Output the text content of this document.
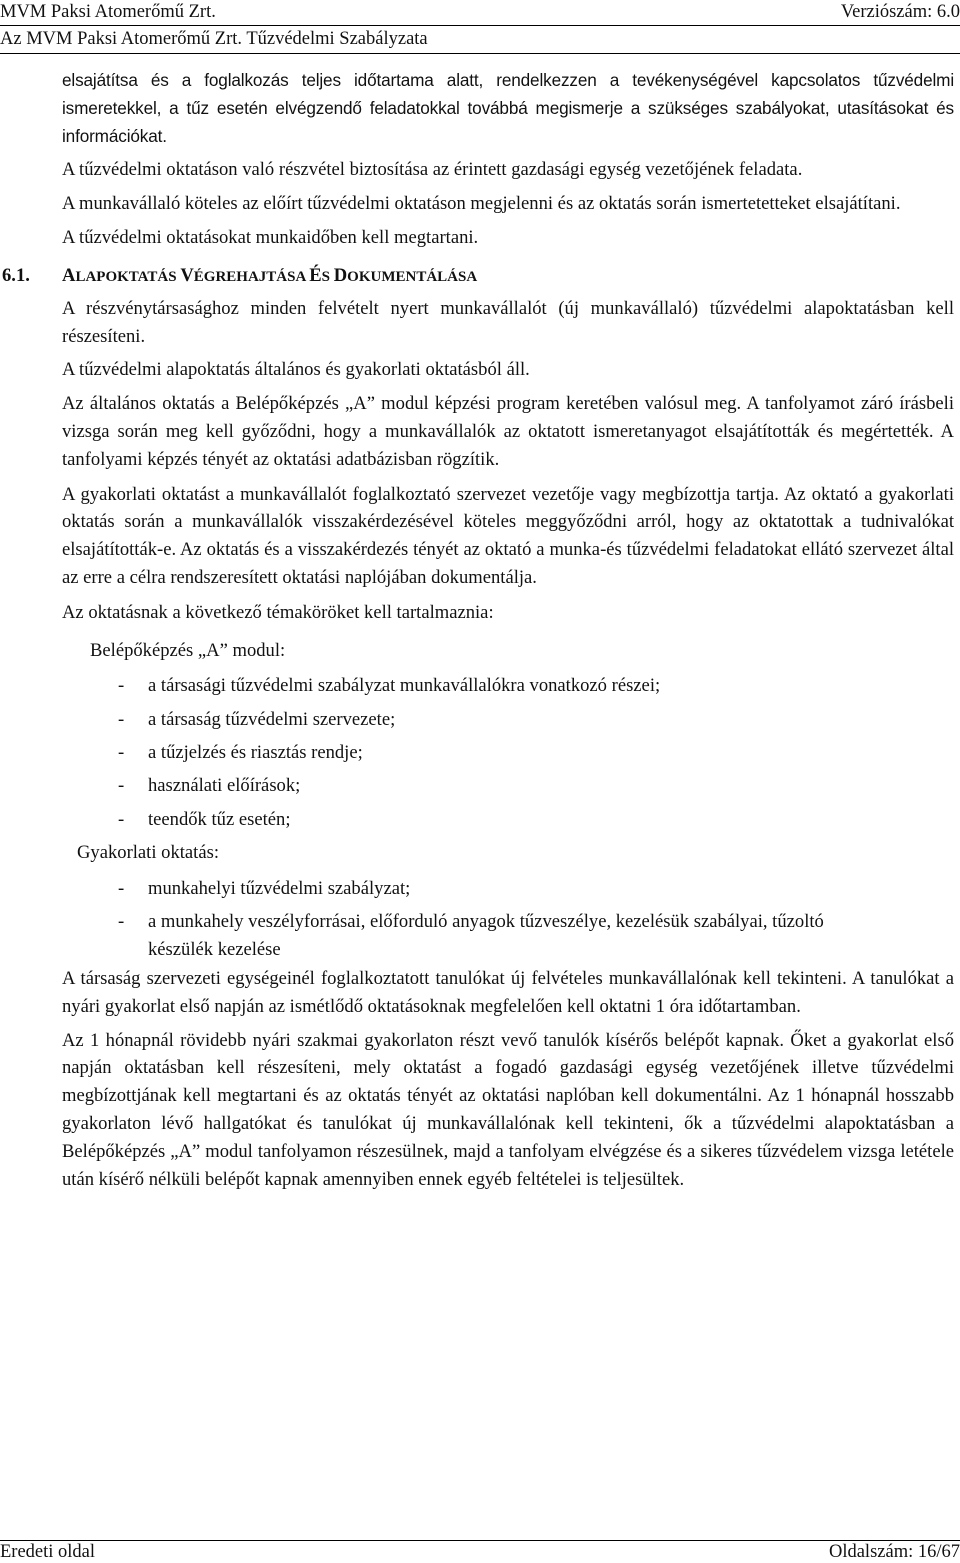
MVM Paksi Atomerőmű Zrt.	Verziószám: 6.0
Az MVM Paksi Atomerőmű Zrt. Tűzvédelmi Szabályzata

elsajátítsa és a foglalkozás teljes időtartama alatt, rendelkezzen a tevékenységével kapcsolatos tűzvédelmi ismeretekkel, a tűz esetén elvégzendő feladatokkal továbbá megismerje a szükséges szabályokat, utasításokat és információkat.

A tűzvédelmi oktatáson való részvétel biztosítása az érintett gazdasági egység vezetőjének feladata.

A munkavállaló köteles az előírt tűzvédelmi oktatáson megjelenni és az oktatás során ismertetetteket elsajátítani.

A tűzvédelmi oktatásokat munkaidőben kell megtartani.

6.1. ALAPOKTATÁS VÉGREHAJTÁSA ÉS DOKUMENTÁLÁSA

A részvénytársasághoz minden felvételt nyert munkavállalót (új munkavállaló) tűzvédelmi alapoktatásban kell részesíteni.

A tűzvédelmi alapoktatás általános és gyakorlati oktatásból áll.

Az általános oktatás a Belépőképzés „A” modul képzési program keretében valósul meg. A tanfolyamot záró írásbeli vizsga során meg kell győződni, hogy a munkavállalók az oktatott ismeretanyagot elsajátították és megértették. A tanfolyami képzés tényét az oktatási adatbázisban rögzítik.

A gyakorlati oktatást a munkavállalót foglalkoztató szervezet vezetője vagy megbízottja tartja. Az oktató a gyakorlati oktatás során a munkavállalók visszakérdezésével köteles meggyőződni arról, hogy az oktatottak a tudnivalókat elsajátították-e. Az oktatás és a visszakérdezés tényét az oktató a munka-és tűzvédelmi feladatokat ellátó szervezet által az erre a célra rendszeresített oktatási naplójában dokumentálja.

Az oktatásnak a következő témaköröket kell tartalmaznia:

Belépőképzés „A” modul:

- a társasági tűzvédelmi szabályzat munkavállalókra vonatkozó részei;
- a társaság tűzvédelmi szervezete;
- a tűzjelzés és riasztás rendje;
- használati előírások;
- teendők tűz esetén;

Gyakorlati oktatás:

- munkahelyi tűzvédelmi szabályzat;
- a munkahely veszélyforrásai, előforduló anyagok tűzveszélye, kezelésük szabályai, tűzoltó készülék kezelése

A társaság szervezeti egységeinél foglalkoztatott tanulókat új felvételes munkavállalónak kell tekinteni. A tanulókat a nyári gyakorlat első napján az ismétlődő oktatásoknak megfelelően kell oktatni 1 óra időtartamban.

Az 1 hónapnál rövidebb nyári szakmai gyakorlaton részt vevő tanulók kísérős belépőt kapnak. Őket a gyakorlat első napján oktatásban kell részesíteni, mely oktatást a fogadó gazdasági egység vezetőjének illetve tűzvédelmi megbízottjának kell megtartani és az oktatás tényét az oktatási naplóban kell dokumentálni. Az 1 hónapnál hosszabb gyakorlaton lévő hallgatókat és tanulókat új munkavállalónak kell tekinteni, ők a tűzvédelmi alapoktatásban a Belépőképzés „A” modul tanfolyamon részesülnek, majd a tanfolyam elvégzése és a sikeres tűzvédelem vizsga letétele után kísérő nélküli belépőt kapnak amennyiben ennek egyéb feltételei is teljesültek.

Eredeti oldal	Oldalszám: 16/67
